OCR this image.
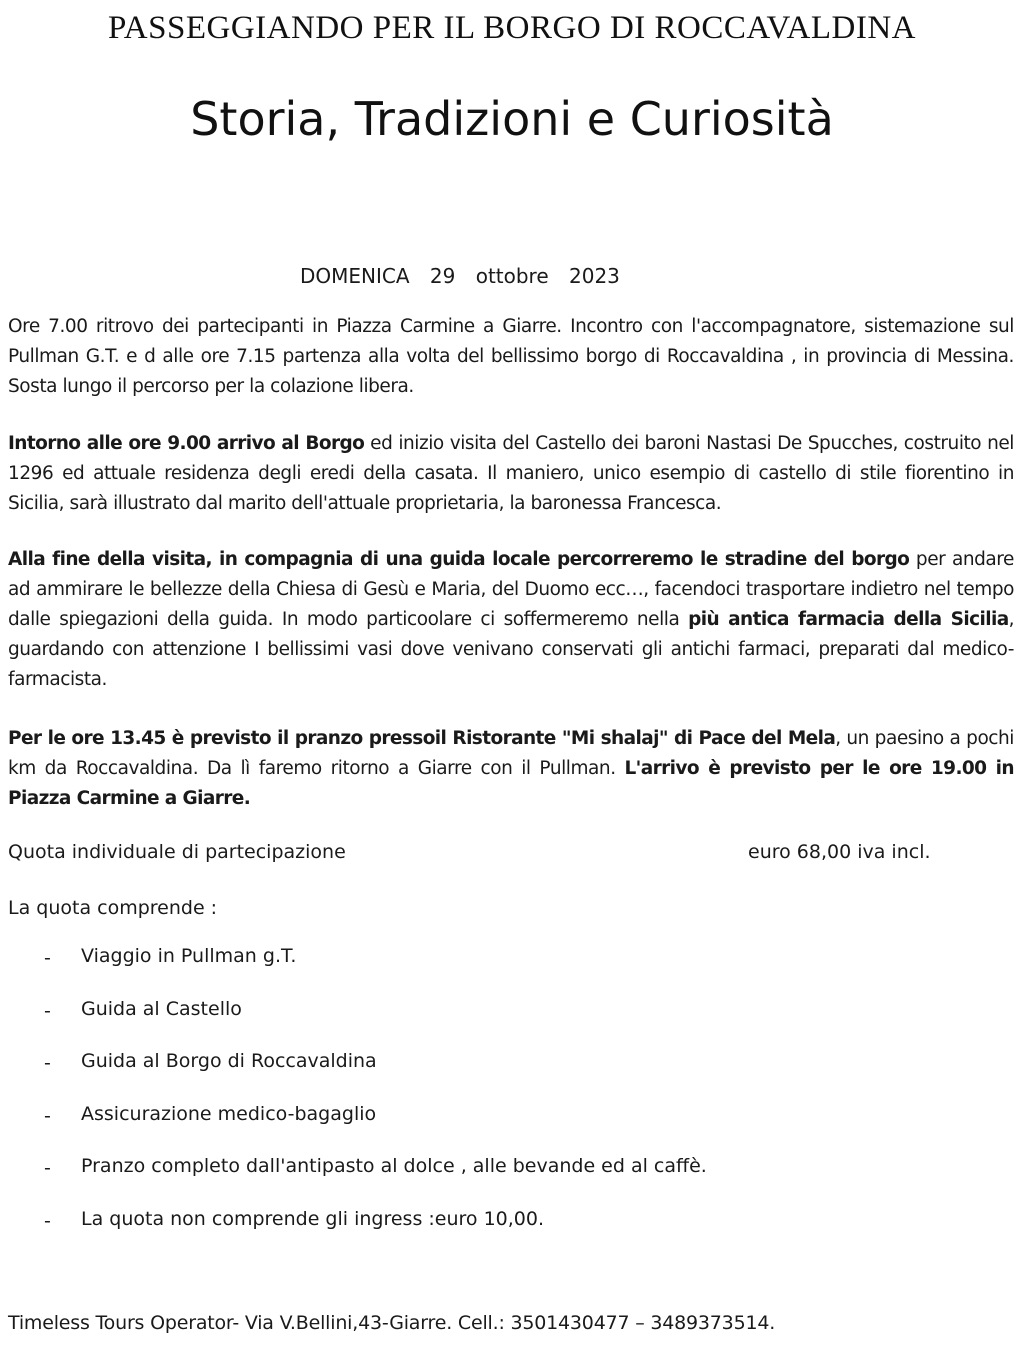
PASSEGGIANDO PER IL BORGO DI ROCCAVALDINA
Storia, Tradizioni e Curiosità
DOMENICA 29 ottobre 2023

Ore 7.00 ritrovo dei partecipanti in Piazza Carmine a Giarre. Incontro con l'accompagnatore, sistemazione sul Pullman G.T. e d alle ore 7.15 partenza alla volta del bellissimo borgo di Roccavaldina , in provincia di Messina. Sosta lungo il percorso per la colazione libera.

Intorno alle ore 9.00 arrivo al Borgo ed inizio visita del Castello dei baroni Nastasi De Spucches, costruito nel 1296 ed attuale residenza degli eredi della casata. Il maniero, unico esempio di castello di stile fiorentino in Sicilia, sarà illustrato dal marito dell'attuale proprietaria, la baronessa Francesca.

Alla fine della visita, in compagnia di una guida locale percorreremo le stradine del borgo per andare ad ammirare le bellezze della Chiesa di Gesù e Maria, del Duomo ecc…, facendoci trasportare indietro nel tempo dalle spiegazioni della guida. In modo particoolare ci soffermeremo nella più antica farmacia della Sicilia, guardando con attenzione I bellissimi vasi dove venivano conservati gli antichi farmaci, preparati dal medico-farmacista.

Per le ore 13.45 è previsto il pranzo pressoil Ristorante "Mi shalaj" di Pace del Mela, un paesino a pochi km da Roccavaldina. Da lì faremo ritorno a Giarre con il Pullman. L'arrivo è previsto per le ore 19.00 in Piazza Carmine a Giarre.

Quota individuale di partecipazione	euro 68,00 iva incl.
La quota comprende :
- Viaggio in Pullman g.T.
- Guida al Castello
- Guida al Borgo di Roccavaldina
- Assicurazione medico-bagaglio
- Pranzo completo dall'antipasto al dolce , alle bevande ed al caffè.
- La quota non comprende gli ingress :euro 10,00.
Timeless Tours Operator- Via V.Bellini,43-Giarre. Cell.: 3501430477 – 3489373514.
